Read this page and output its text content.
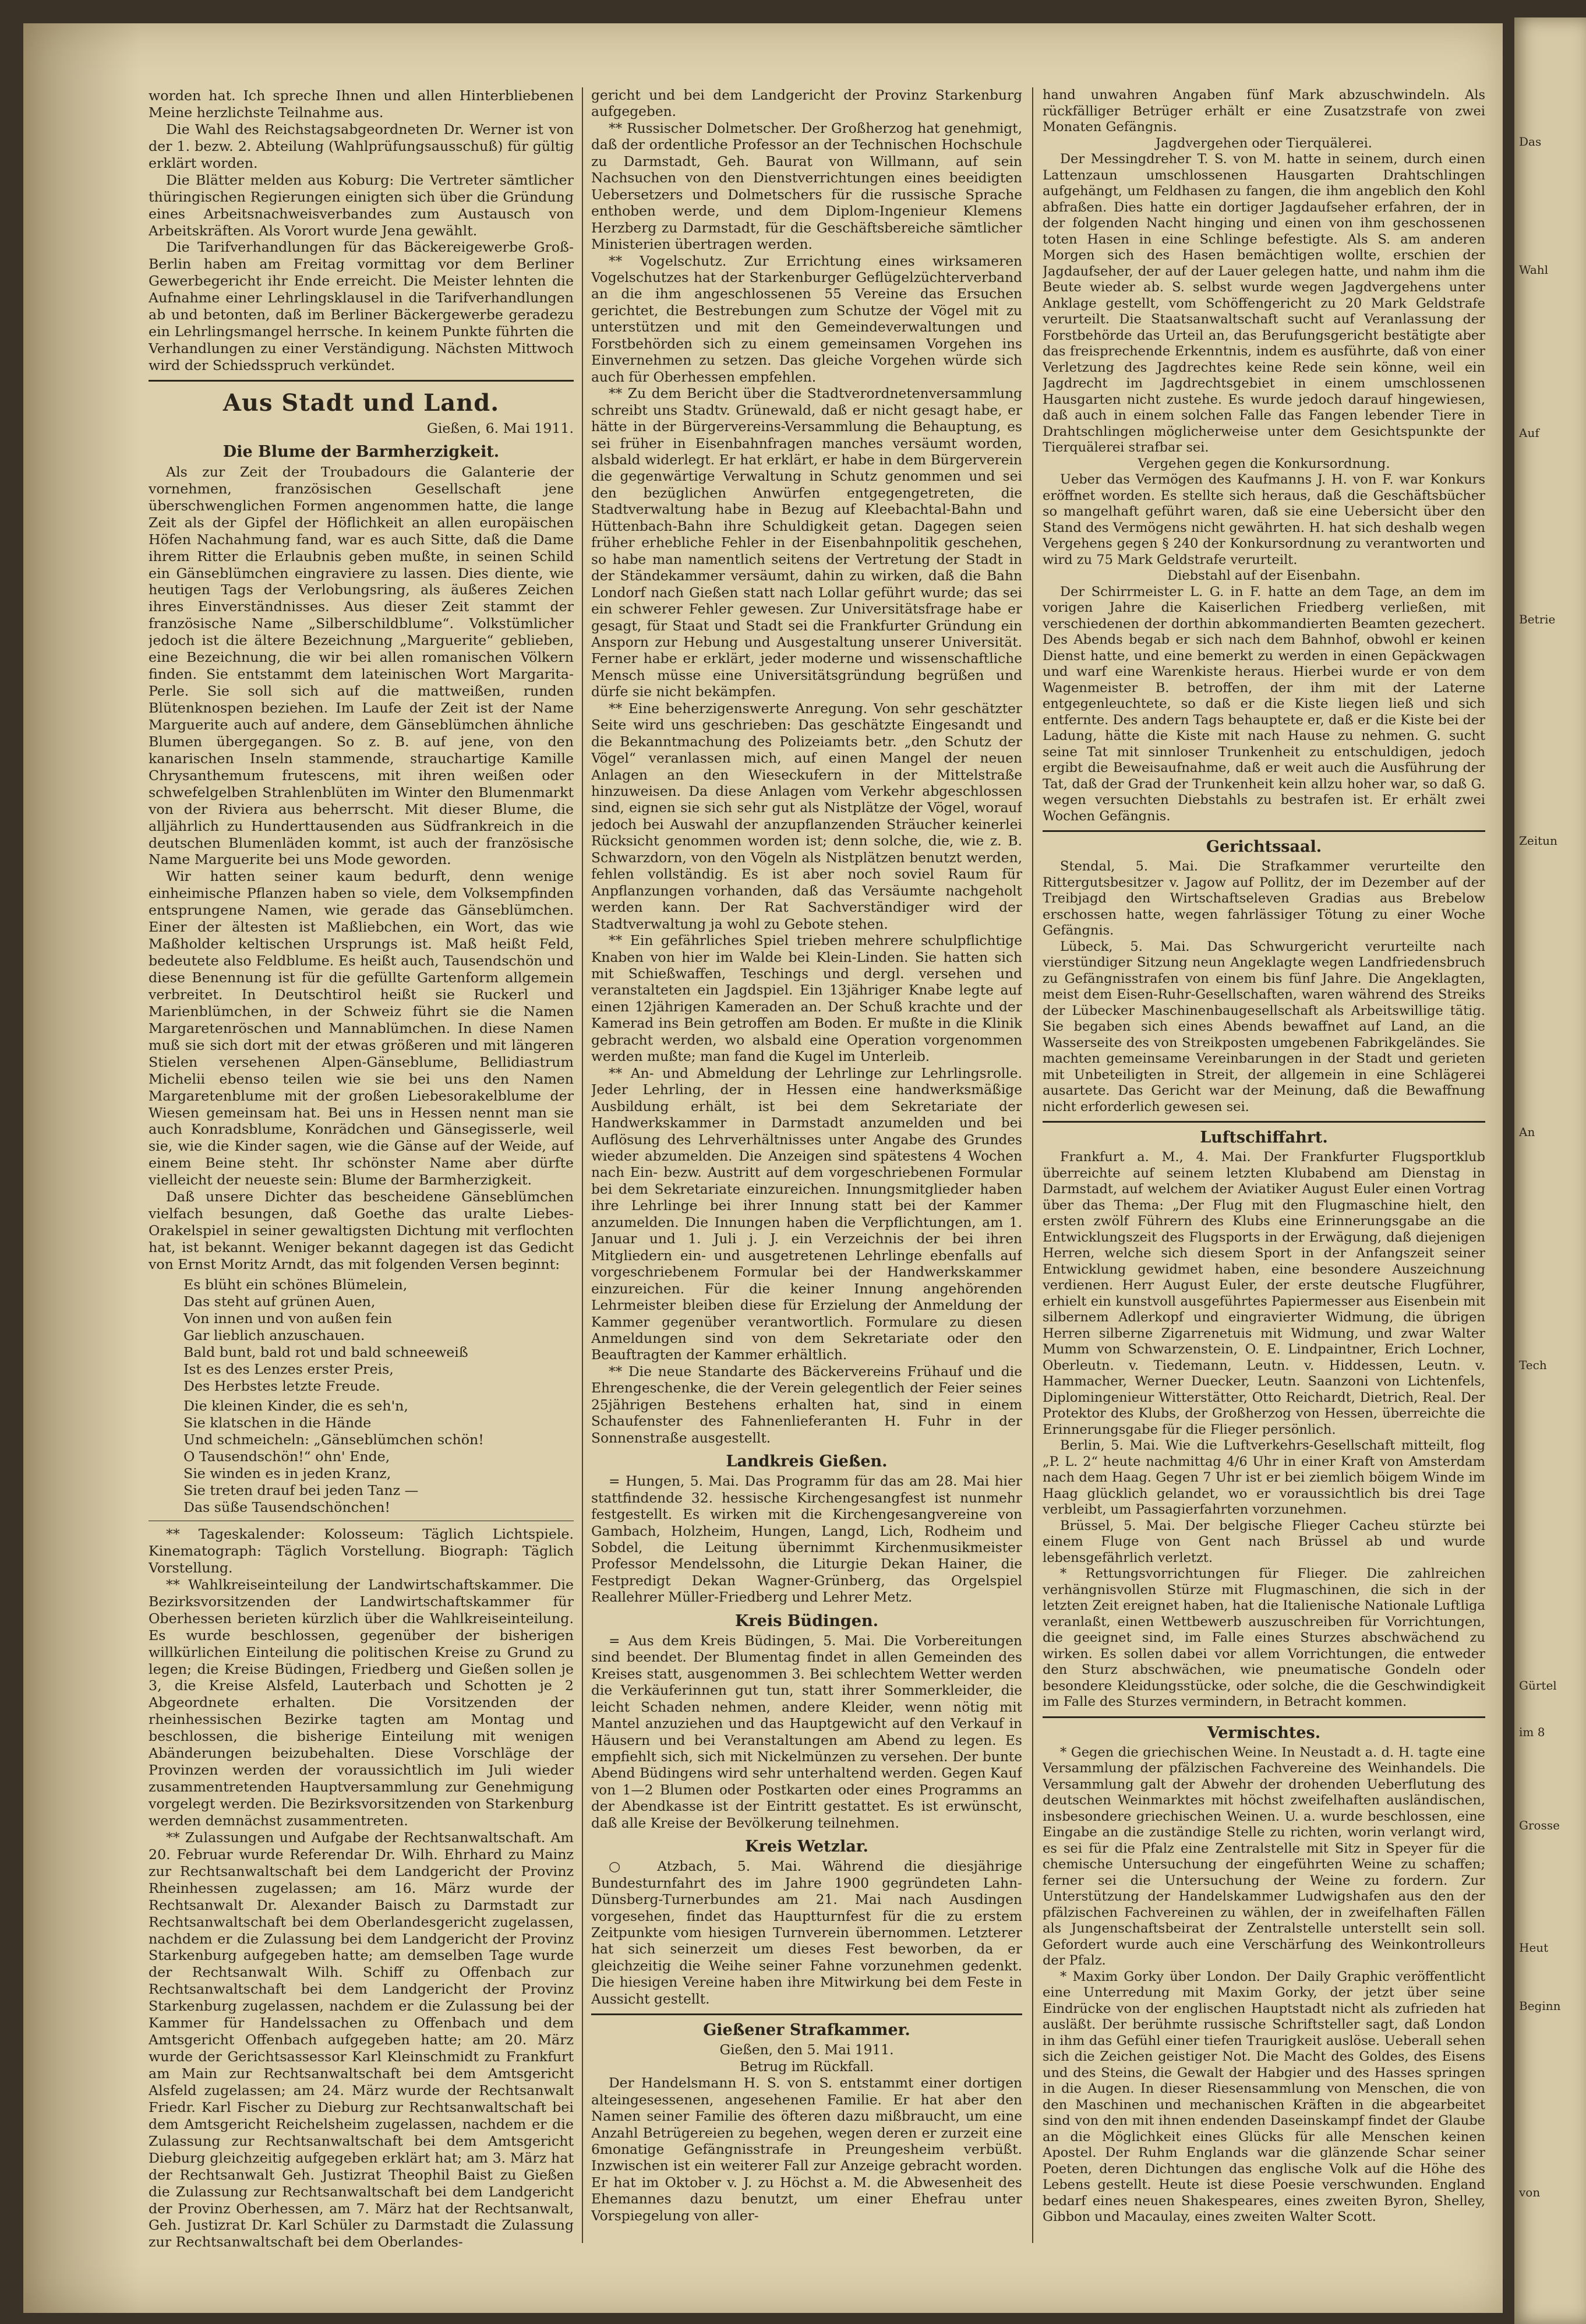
Das
Wahl
Auf
Betrie
Zeitun
An
Tech
Gürtel
im 8
Grosse
Heut
Beginn
von

worden hat. Ich spreche Ihnen und allen Hinterbliebenen Meine herzlichste Teilnahme aus.

Die Wahl des Reichstagsabgeordneten Dr. Werner ist von der 1. bezw. 2. Abteilung (Wahlprüfungsausschuß) für gültig erklärt worden.

Die Blätter melden aus Koburg: Die Vertreter sämtlicher thüringischen Regierungen einigten sich über die Gründung eines Arbeitsnachweisverbandes zum Austausch von Arbeitskräften. Als Vorort wurde Jena gewählt.

Die Tarifverhandlungen für das Bäckereigewerbe Groß-Berlin haben am Freitag vormittag vor dem Berliner Gewerbegericht ihr Ende erreicht. Die Meister lehnten die Aufnahme einer Lehrlingsklausel in die Tarifverhandlungen ab und betonten, daß im Berliner Bäckergewerbe geradezu ein Lehrlingsmangel herrsche. In keinem Punkte führten die Verhandlungen zu einer Verständigung. Nächsten Mittwoch wird der Schiedsspruch verkündet.

Aus Stadt und Land.

Gießen, 6. Mai 1911.

Die Blume der Barmherzigkeit.

Als zur Zeit der Troubadours die Galanterie der vornehmen, französischen Gesellschaft jene überschwenglichen Formen angenommen hatte, die lange Zeit als der Gipfel der Höflichkeit an allen europäischen Höfen Nachahmung fand, war es auch Sitte, daß die Dame ihrem Ritter die Erlaubnis geben mußte, in seinen Schild ein Gänseblümchen eingraviere zu lassen. Dies diente, wie heutigen Tags der Verlobungsring, als äußeres Zeichen ihres Einverständnisses. Aus dieser Zeit stammt der französische Name „Silberschildblume“. Volkstümlicher jedoch ist die ältere Bezeichnung „Marguerite“ geblieben, eine Bezeichnung, die wir bei allen romanischen Völkern finden. Sie entstammt dem lateinischen Wort Margarita-Perle. Sie soll sich auf die mattweißen, runden Blütenknospen beziehen. Im Laufe der Zeit ist der Name Marguerite auch auf andere, dem Gänseblümchen ähnliche Blumen übergegangen. So z. B. auf jene, von den kanarischen Inseln stammende, strauchartige Kamille Chrysanthemum frutescens, mit ihren weißen oder schwefelgelben Strahlenblüten im Winter den Blumenmarkt von der Riviera aus beherrscht. Mit dieser Blume, die alljährlich zu Hunderttausenden aus Südfrankreich in die deutschen Blumenläden kommt, ist auch der französische Name Marguerite bei uns Mode geworden.

Wir hatten seiner kaum bedurft, denn wenige einheimische Pflanzen haben so viele, dem Volksempfinden entsprungene Namen, wie gerade das Gänseblümchen. Einer der ältesten ist Maßliebchen, ein Wort, das wie Maßholder keltischen Ursprungs ist. Maß heißt Feld, bedeutete also Feldblume. Es heißt auch, Tausendschön und diese Benennung ist für die gefüllte Gartenform allgemein verbreitet. In Deutschtirol heißt sie Ruckerl und Marienblümchen, in der Schweiz führt sie die Namen Margaretenröschen und Mannablümchen. In diese Namen muß sie sich dort mit der etwas größeren und mit längeren Stielen versehenen Alpen-Gänseblume, Bellidiastrum Michelii ebenso teilen wie sie bei uns den Namen Margaretenblume mit der großen Liebesorakelblume der Wiesen gemeinsam hat. Bei uns in Hessen nennt man sie auch Konradsblume, Konrädchen und Gänsegisserle, weil sie, wie die Kinder sagen, wie die Gänse auf der Weide, auf einem Beine steht. Ihr schönster Name aber dürfte vielleicht der neueste sein: Blume der Barmherzigkeit.

Daß unsere Dichter das bescheidene Gänseblümchen vielfach besungen, daß Goethe das uralte Liebes-Orakelspiel in seiner gewaltigsten Dichtung mit verflochten hat, ist bekannt. Weniger bekannt dagegen ist das Gedicht von Ernst Moritz Arndt, das mit folgenden Versen beginnt:

Es blüht ein schönes Blümelein,
Das steht auf grünen Auen,
Von innen und von außen fein
Gar lieblich anzuschauen.
Bald bunt, bald rot und bald schneeweiß
Ist es des Lenzes erster Preis,
Des Herbstes letzte Freude.

Die kleinen Kinder, die es seh'n,
Sie klatschen in die Hände
Und schmeicheln: „Gänseblümchen schön!
O Tausendschön!“ ohn' Ende,
Sie winden es in jeden Kranz,
Sie treten drauf bei jeden Tanz —
Das süße Tausendschönchen!

** Tageskalender: Kolosseum: Täglich Lichtspiele. Kinematograph: Täglich Vorstellung. Biograph: Täglich Vorstellung.

** Wahlkreiseinteilung der Landwirtschaftskammer. Die Bezirksvorsitzenden der Landwirtschaftskammer für Oberhessen berieten kürzlich über die Wahlkreiseinteilung. Es wurde beschlossen, gegenüber der bisherigen willkürlichen Einteilung die politischen Kreise zu Grund zu legen; die Kreise Büdingen, Friedberg und Gießen sollen je 3, die Kreise Alsfeld, Lauterbach und Schotten je 2 Abgeordnete erhalten. Die Vorsitzenden der rheinhessischen Bezirke tagten am Montag und beschlossen, die bisherige Einteilung mit wenigen Abänderungen beizubehalten. Diese Vorschläge der Provinzen werden der voraussichtlich im Juli wieder zusammentretenden Hauptversammlung zur Genehmigung vorgelegt werden. Die Bezirksvorsitzenden von Starkenburg werden demnächst zusammentreten.

** Zulassungen und Aufgabe der Rechtsanwaltschaft. Am 20. Februar wurde Referendar Dr. Wilh. Ehrhard zu Mainz zur Rechtsanwaltschaft bei dem Landgericht der Provinz Rheinhessen zugelassen; am 16. März wurde der Rechtsanwalt Dr. Alexander Baisch zu Darmstadt zur Rechtsanwaltschaft bei dem Oberlandesgericht zugelassen, nachdem er die Zulassung bei dem Landgericht der Provinz Starkenburg aufgegeben hatte; am demselben Tage wurde der Rechtsanwalt Wilh. Schiff zu Offenbach zur Rechtsanwaltschaft bei dem Landgericht der Provinz Starkenburg zugelassen, nachdem er die Zulassung bei der Kammer für Handelssachen zu Offenbach und dem Amtsgericht Offenbach aufgegeben hatte; am 20. März wurde der Gerichtsassessor Karl Kleinschmidt zu Frankfurt am Main zur Rechtsanwaltschaft bei dem Amtsgericht Alsfeld zugelassen; am 24. März wurde der Rechtsanwalt Friedr. Karl Fischer zu Dieburg zur Rechtsanwaltschaft bei dem Amtsgericht Reichelsheim zugelassen, nachdem er die Zulassung zur Rechtsanwaltschaft bei dem Amtsgericht Dieburg gleichzeitig aufgegeben erklärt hat; am 3. März hat der Rechtsanwalt Geh. Justizrat Theophil Baist zu Gießen die Zulassung zur Rechtsanwaltschaft bei dem Landgericht der Provinz Oberhessen, am 7. März hat der Rechtsanwalt, Geh. Justizrat Dr. Karl Schüler zu Darmstadt die Zulassung zur Rechtsanwaltschaft bei dem Oberlandes-

gericht und bei dem Landgericht der Provinz Starkenburg aufgegeben.

** Russischer Dolmetscher. Der Großherzog hat genehmigt, daß der ordentliche Professor an der Technischen Hochschule zu Darmstadt, Geh. Baurat von Willmann, auf sein Nachsuchen von den Dienstverrichtungen eines beeidigten Uebersetzers und Dolmetschers für die russische Sprache enthoben werde, und dem Diplom-Ingenieur Klemens Herzberg zu Darmstadt, für die Geschäftsbereiche sämtlicher Ministerien übertragen werden.

** Vogelschutz. Zur Errichtung eines wirksameren Vogelschutzes hat der Starkenburger Geflügelzüchterverband an die ihm angeschlossenen 55 Vereine das Ersuchen gerichtet, die Bestrebungen zum Schutze der Vögel mit zu unterstützen und mit den Gemeindeverwaltungen und Forstbehörden sich zu einem gemeinsamen Vorgehen ins Einvernehmen zu setzen. Das gleiche Vorgehen würde sich auch für Oberhessen empfehlen.

** Zu dem Bericht über die Stadtverordnetenversammlung schreibt uns Stadtv. Grünewald, daß er nicht gesagt habe, er hätte in der Bürgervereins-Versammlung die Behauptung, es sei früher in Eisenbahnfragen manches versäumt worden, alsbald widerlegt. Er hat erklärt, er habe in dem Bürgerverein die gegenwärtige Verwaltung in Schutz genommen und sei den bezüglichen Anwürfen entgegengetreten, die Stadtverwaltung habe in Bezug auf Kleebachtal-Bahn und Hüttenbach-Bahn ihre Schuldigkeit getan. Dagegen seien früher erhebliche Fehler in der Eisenbahnpolitik geschehen, so habe man namentlich seitens der Vertretung der Stadt in der Ständekammer versäumt, dahin zu wirken, daß die Bahn Londorf nach Gießen statt nach Lollar geführt wurde; das sei ein schwerer Fehler gewesen. Zur Universitätsfrage habe er gesagt, für Staat und Stadt sei die Frankfurter Gründung ein Ansporn zur Hebung und Ausgestaltung unserer Universität. Ferner habe er erklärt, jeder moderne und wissenschaftliche Mensch müsse eine Universitätsgründung begrüßen und dürfe sie nicht bekämpfen.

** Eine beherzigenswerte Anregung. Von sehr geschätzter Seite wird uns geschrieben: Das geschätzte Eingesandt und die Bekanntmachung des Polizeiamts betr. „den Schutz der Vögel“ veranlassen mich, auf einen Mangel der neuen Anlagen an den Wieseckufern in der Mittelstraße hinzuweisen. Da diese Anlagen vom Verkehr abgeschlossen sind, eignen sie sich sehr gut als Nistplätze der Vögel, worauf jedoch bei Auswahl der anzupflanzenden Sträucher keinerlei Rücksicht genommen worden ist; denn solche, die, wie z. B. Schwarzdorn, von den Vögeln als Nistplätzen benutzt werden, fehlen vollständig. Es ist aber noch soviel Raum für Anpflanzungen vorhanden, daß das Versäumte nachgeholt werden kann. Der Rat Sachverständiger wird der Stadtverwaltung ja wohl zu Gebote stehen.

** Ein gefährliches Spiel trieben mehrere schulpflichtige Knaben von hier im Walde bei Klein-Linden. Sie hatten sich mit Schießwaffen, Teschings und dergl. versehen und veranstalteten ein Jagdspiel. Ein 13jähriger Knabe legte auf einen 12jährigen Kameraden an. Der Schuß krachte und der Kamerad ins Bein getroffen am Boden. Er mußte in die Klinik gebracht werden, wo alsbald eine Operation vorgenommen werden mußte; man fand die Kugel im Unterleib.

** An- und Abmeldung der Lehrlinge zur Lehrlingsrolle. Jeder Lehrling, der in Hessen eine handwerksmäßige Ausbildung erhält, ist bei dem Sekretariate der Handwerkskammer in Darmstadt anzumelden und bei Auflösung des Lehrverhältnisses unter Angabe des Grundes wieder abzumelden. Die Anzeigen sind spätestens 4 Wochen nach Ein- bezw. Austritt auf dem vorgeschriebenen Formular bei dem Sekretariate einzureichen. Innungsmitglieder haben ihre Lehrlinge bei ihrer Innung statt bei der Kammer anzumelden. Die Innungen haben die Verpflichtungen, am 1. Januar und 1. Juli j. J. ein Verzeichnis der bei ihren Mitgliedern ein- und ausgetretenen Lehrlinge ebenfalls auf vorgeschriebenem Formular bei der Handwerkskammer einzureichen. Für die keiner Innung angehörenden Lehrmeister bleiben diese für Erzielung der Anmeldung der Kammer gegenüber verantwortlich. Formulare zu diesen Anmeldungen sind von dem Sekretariate oder den Beauftragten der Kammer erhältlich.

** Die neue Standarte des Bäckervereins Frühauf und die Ehrengeschenke, die der Verein gelegentlich der Feier seines 25jährigen Bestehens erhalten hat, sind in einem Schaufenster des Fahnenlieferanten H. Fuhr in der Sonnenstraße ausgestellt.

Landkreis Gießen.

= Hungen, 5. Mai. Das Programm für das am 28. Mai hier stattfindende 32. hessische Kirchengesangfest ist nunmehr festgestellt. Es wirken mit die Kirchengesangvereine von Gambach, Holzheim, Hungen, Langd, Lich, Rodheim und Sobdel, die Leitung übernimmt Kirchenmusikmeister Professor Mendelssohn, die Liturgie Dekan Hainer, die Festpredigt Dekan Wagner-Grünberg, das Orgelspiel Reallehrer Müller-Friedberg und Lehrer Metz.

Kreis Büdingen.

= Aus dem Kreis Büdingen, 5. Mai. Die Vorbereitungen sind beendet. Der Blumentag findet in allen Gemeinden des Kreises statt, ausgenommen 3. Bei schlechtem Wetter werden die Verkäuferinnen gut tun, statt ihrer Sommerkleider, die leicht Schaden nehmen, andere Kleider, wenn nötig mit Mantel anzuziehen und das Hauptgewicht auf den Verkauf in Häusern und bei Veranstaltungen am Abend zu legen. Es empfiehlt sich, sich mit Nickelmünzen zu versehen. Der bunte Abend Büdingens wird sehr unterhaltend werden. Gegen Kauf von 1—2 Blumen oder Postkarten oder eines Programms an der Abendkasse ist der Eintritt gestattet. Es ist erwünscht, daß alle Kreise der Bevölkerung teilnehmen.

Kreis Wetzlar.

○ Atzbach, 5. Mai. Während die diesjährige Bundesturnfahrt des im Jahre 1900 gegründeten Lahn-Dünsberg-Turnerbundes am 21. Mai nach Ausdingen vorgesehen, findet das Hauptturnfest für die zu erstem Zeitpunkte vom hiesigen Turnverein übernommen. Letzterer hat sich seinerzeit um dieses Fest beworben, da er gleichzeitig die Weihe seiner Fahne vorzunehmen gedenkt. Die hiesigen Vereine haben ihre Mitwirkung bei dem Feste in Aussicht gestellt.

Gießener Strafkammer.

Gießen, den 5. Mai 1911.

Betrug im Rückfall.

Der Handelsmann H. S. von S. entstammt einer dortigen alteingesessenen, angesehenen Familie. Er hat aber den Namen seiner Familie des öfteren dazu mißbraucht, um eine Anzahl Betrügereien zu begehen, wegen deren er zurzeit eine 6monatige Gefängnisstrafe in Preungesheim verbüßt. Inzwischen ist ein weiterer Fall zur Anzeige gebracht worden. Er hat im Oktober v. J. zu Höchst a. M. die Abwesenheit des Ehemannes dazu benutzt, um einer Ehefrau unter Vorspiegelung von aller-

hand unwahren Angaben fünf Mark abzuschwindeln. Als rückfälliger Betrüger erhält er eine Zusatzstrafe von zwei Monaten Gefängnis.

Jagdvergehen oder Tierquälerei.

Der Messingdreher T. S. von M. hatte in seinem, durch einen Lattenzaun umschlossenen Hausgarten Drahtschlingen aufgehängt, um Feldhasen zu fangen, die ihm angeblich den Kohl abfraßen. Dies hatte ein dortiger Jagdaufseher erfahren, der in der folgenden Nacht hinging und einen von ihm geschossenen toten Hasen in eine Schlinge befestigte. Als S. am anderen Morgen sich des Hasen bemächtigen wollte, erschien der Jagdaufseher, der auf der Lauer gelegen hatte, und nahm ihm die Beute wieder ab. S. selbst wurde wegen Jagdvergehens unter Anklage gestellt, vom Schöffengericht zu 20 Mark Geldstrafe verurteilt. Die Staatsanwaltschaft sucht auf Veranlassung der Forstbehörde das Urteil an, das Berufungsgericht bestätigte aber das freisprechende Erkenntnis, indem es ausführte, daß von einer Verletzung des Jagdrechtes keine Rede sein könne, weil ein Jagdrecht im Jagdrechtsgebiet in einem umschlossenen Hausgarten nicht zustehe. Es wurde jedoch darauf hingewiesen, daß auch in einem solchen Falle das Fangen lebender Tiere in Drahtschlingen möglicherweise unter dem Gesichtspunkte der Tierquälerei strafbar sei.

Vergehen gegen die Konkursordnung.

Ueber das Vermögen des Kaufmanns J. H. von F. war Konkurs eröffnet worden. Es stellte sich heraus, daß die Geschäftsbücher so mangelhaft geführt waren, daß sie eine Uebersicht über den Stand des Vermögens nicht gewährten. H. hat sich deshalb wegen Vergehens gegen § 240 der Konkursordnung zu verantworten und wird zu 75 Mark Geldstrafe verurteilt.

Diebstahl auf der Eisenbahn.

Der Schirrmeister L. G. in F. hatte an dem Tage, an dem im vorigen Jahre die Kaiserlichen Friedberg verließen, mit verschiedenen der dorthin abkommandierten Beamten gezechert. Des Abends begab er sich nach dem Bahnhof, obwohl er keinen Dienst hatte, und eine bemerkt zu werden in einen Gepäckwagen und warf eine Warenkiste heraus. Hierbei wurde er von dem Wagenmeister B. betroffen, der ihm mit der Laterne entgegenleuchtete, so daß er die Kiste liegen ließ und sich entfernte. Des andern Tags behauptete er, daß er die Kiste bei der Ladung, hätte die Kiste mit nach Hause zu nehmen. G. sucht seine Tat mit sinnloser Trunkenheit zu entschuldigen, jedoch ergibt die Beweisaufnahme, daß er weit auch die Ausführung der Tat, daß der Grad der Trunkenheit kein allzu hoher war, so daß G. wegen versuchten Diebstahls zu bestrafen ist. Er erhält zwei Wochen Gefängnis.

Gerichtssaal.

Stendal, 5. Mai. Die Strafkammer verurteilte den Rittergutsbesitzer v. Jagow auf Pollitz, der im Dezember auf der Treibjagd den Wirtschaftseleven Gradias aus Brebelow erschossen hatte, wegen fahrlässiger Tötung zu einer Woche Gefängnis.

Lübeck, 5. Mai. Das Schwurgericht verurteilte nach vierstündiger Sitzung neun Angeklagte wegen Landfriedensbruch zu Gefängnisstrafen von einem bis fünf Jahre. Die Angeklagten, meist dem Eisen-Ruhr-Gesellschaften, waren während des Streiks der Lübecker Maschinenbaugesellschaft als Arbeitswillige tätig. Sie begaben sich eines Abends bewaffnet auf Land, an die Wasserseite des von Streikposten umgebenen Fabrikgeländes. Sie machten gemeinsame Vereinbarungen in der Stadt und gerieten mit Unbeteiligten in Streit, der allgemein in eine Schlägerei ausartete. Das Gericht war der Meinung, daß die Bewaffnung nicht erforderlich gewesen sei.

Luftschiffahrt.

Frankfurt a. M., 4. Mai. Der Frankfurter Flugsportklub überreichte auf seinem letzten Klubabend am Dienstag in Darmstadt, auf welchem der Aviatiker August Euler einen Vortrag über das Thema: „Der Flug mit den Flugmaschine hielt, den ersten zwölf Führern des Klubs eine Erinnerungsgabe an die Entwicklungszeit des Flugsports in der Erwägung, daß diejenigen Herren, welche sich diesem Sport in der Anfangszeit seiner Entwicklung gewidmet haben, eine besondere Auszeichnung verdienen. Herr August Euler, der erste deutsche Flugführer, erhielt ein kunstvoll ausgeführtes Papiermesser aus Eisenbein mit silbernem Adlerkopf und eingravierter Widmung, die übrigen Herren silberne Zigarrenetuis mit Widmung, und zwar Walter Mumm von Schwarzenstein, O. E. Lindpaintner, Erich Lochner, Oberleutn. v. Tiedemann, Leutn. v. Hiddessen, Leutn. v. Hammacher, Werner Duecker, Leutn. Saanzoni von Lichtenfels, Diplomingenieur Witterstätter, Otto Reichardt, Dietrich, Real. Der Protektor des Klubs, der Großherzog von Hessen, überreichte die Erinnerungsgabe für die Flieger persönlich.

Berlin, 5. Mai. Wie die Luftverkehrs-Gesellschaft mitteilt, flog „P. L. 2“ heute nachmittag 4/6 Uhr in einer Kraft von Amsterdam nach dem Haag. Gegen 7 Uhr ist er bei ziemlich böigem Winde im Haag glücklich gelandet, wo er voraussichtlich bis drei Tage verbleibt, um Passagierfahrten vorzunehmen.

Brüssel, 5. Mai. Der belgische Flieger Cacheu stürzte bei einem Fluge von Gent nach Brüssel ab und wurde lebensgefährlich verletzt.

* Rettungsvorrichtungen für Flieger. Die zahlreichen verhängnisvollen Stürze mit Flugmaschinen, die sich in der letzten Zeit ereignet haben, hat die Italienische Nationale Luftliga veranlaßt, einen Wettbewerb auszuschreiben für Vorrichtungen, die geeignet sind, im Falle eines Sturzes abschwächend zu wirken. Es sollen dabei vor allem Vorrichtungen, die entweder den Sturz abschwächen, wie pneumatische Gondeln oder besondere Kleidungsstücke, oder solche, die die Geschwindigkeit im Falle des Sturzes vermindern, in Betracht kommen.

Vermischtes.

* Gegen die griechischen Weine. In Neustadt a. d. H. tagte eine Versammlung der pfälzischen Fachvereine des Weinhandels. Die Versammlung galt der Abwehr der drohenden Ueberflutung des deutschen Weinmarktes mit höchst zweifelhaften ausländischen, insbesondere griechischen Weinen. U. a. wurde beschlossen, eine Eingabe an die zuständige Stelle zu richten, worin verlangt wird, es sei für die Pfalz eine Zentralstelle mit Sitz in Speyer für die chemische Untersuchung der eingeführten Weine zu schaffen; ferner sei die Untersuchung der Weine zu fordern. Zur Unterstützung der Handelskammer Ludwigshafen aus den der pfälzischen Fachvereinen zu wählen, der in zweifelhaften Fällen als Jungenschaftsbeirat der Zentralstelle unterstellt sein soll. Gefordert wurde auch eine Verschärfung des Weinkontrolleurs der Pfalz.

* Maxim Gorky über London. Der Daily Graphic veröffentlicht eine Unterredung mit Maxim Gorky, der jetzt über seine Eindrücke von der englischen Hauptstadt nicht als zufrieden hat ausläßt. Der berühmte russische Schriftsteller sagt, daß London in ihm das Gefühl einer tiefen Traurigkeit auslöse. Ueberall sehen sich die Zeichen geistiger Not. Die Macht des Goldes, des Eisens und des Steins, die Gewalt der Habgier und des Hasses springen in die Augen. In dieser Riesensammlung von Menschen, die von den Maschinen und mechanischen Kräften in die abgearbeitet sind von den mit ihnen endenden Daseinskampf findet der Glaube an die Möglichkeit eines Glücks für alle Menschen keinen Apostel. Der Ruhm Englands war die glänzende Schar seiner Poeten, deren Dichtungen das englische Volk auf die Höhe des Lebens gestellt. Heute ist diese Poesie verschwunden. England bedarf eines neuen Shakespeares, eines zweiten Byron, Shelley, Gibbon und Macaulay, eines zweiten Walter Scott.
